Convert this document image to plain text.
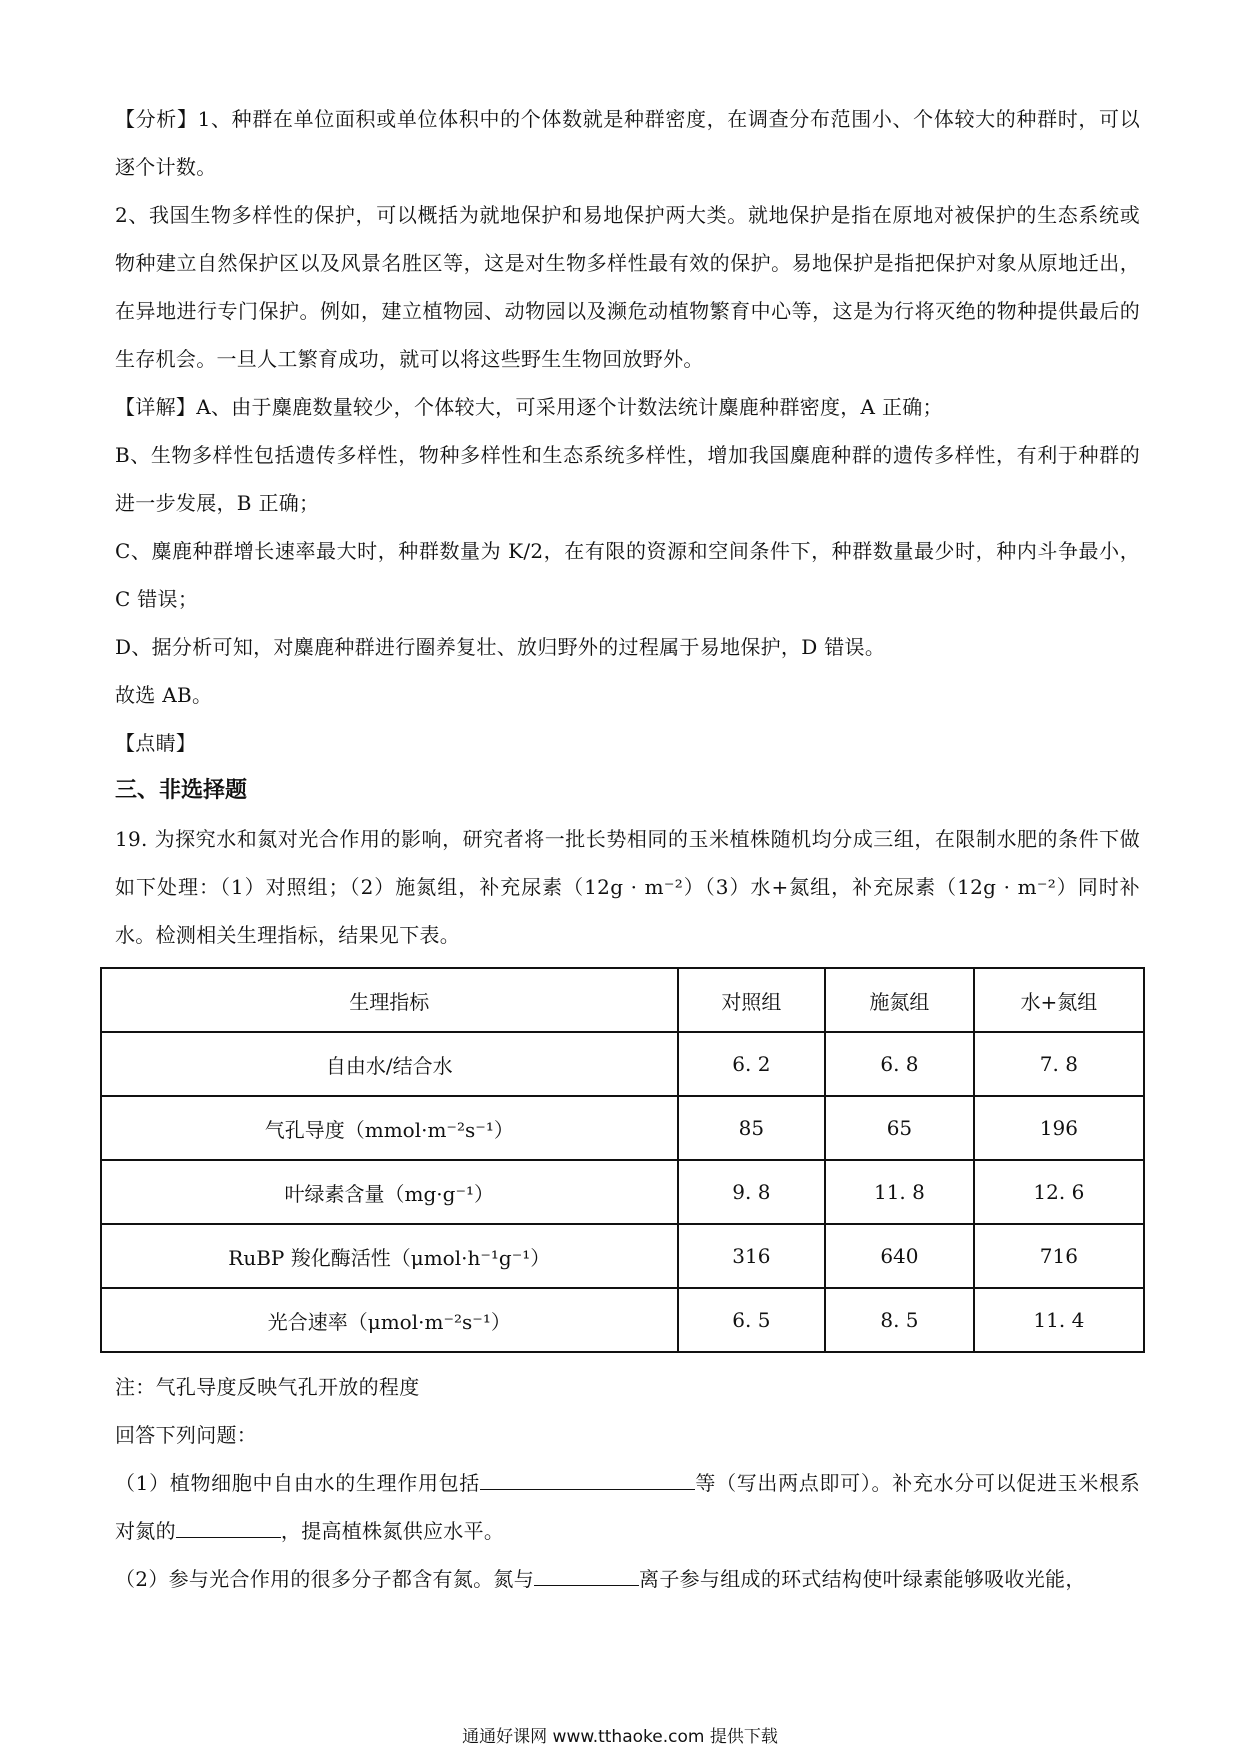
【分析】1、种群在单位面积或单位体积中的个体数就是种群密度，在调查分布范围小、个体较大的种群时，可以逐个计数。

2、我国生物多样性的保护，可以概括为就地保护和易地保护两大类。就地保护是指在原地对被保护的生态系统或物种建立自然保护区以及风景名胜区等，这是对生物多样性最有效的保护。易地保护是指把保护对象从原地迁出，在异地进行专门保护。例如，建立植物园、动物园以及濒危动植物繁育中心等，这是为行将灭绝的物种提供最后的生存机会。一旦人工繁育成功，就可以将这些野生生物回放野外。

【详解】A、由于麋鹿数量较少，个体较大，可采用逐个计数法统计麋鹿种群密度，A 正确；

B、生物多样性包括遗传多样性，物种多样性和生态系统多样性，增加我国麋鹿种群的遗传多样性，有利于种群的进一步发展，B 正确；

C、麋鹿种群增长速率最大时，种群数量为 K/2，在有限的资源和空间条件下，种群数量最少时，种内斗争最小，C 错误；

D、据分析可知，对麋鹿种群进行圈养复壮、放归野外的过程属于易地保护，D 错误。

故选 AB。

【点睛】

三、非选择题

19. 为探究水和氮对光合作用的影响，研究者将一批长势相同的玉米植株随机均分成三组，在限制水肥的条件下做如下处理：（1）对照组；（2）施氮组，补充尿素（12g · m⁻²）（3）水+氮组，补充尿素（12g · m⁻²）同时补水。检测相关生理指标，结果见下表。

生理指标	对照组	施氮组	水+氮组
自由水/结合水	6. 2	6. 8	7. 8
气孔导度（mmol·m⁻²s⁻¹）	85	65	196
叶绿素含量（mg·g⁻¹）	9. 8	11. 8	12. 6
RuBP 羧化酶活性（μmol·h⁻¹g⁻¹）	316	640	716
光合速率（μmol·m⁻²s⁻¹）	6. 5	8. 5	11. 4

注：气孔导度反映气孔开放的程度

回答下列问题：

（1）植物细胞中自由水的生理作用包括	等（写出两点即可）。补充水分可以促进玉米根系对氮的	，提高植株氮供应水平。

（2）参与光合作用的很多分子都含有氮。氮与	离子参与组成的环式结构使叶绿素能够吸收光能，

通通好课网 www.tthaoke.com 提供下载
